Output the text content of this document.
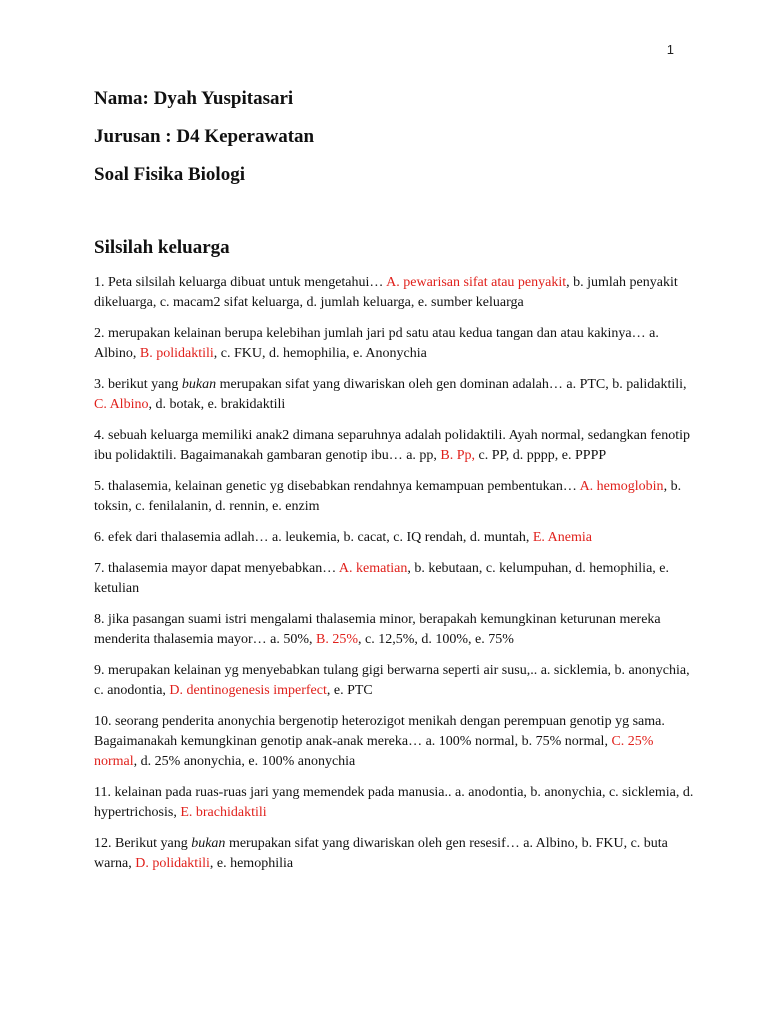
1
Nama: Dyah Yuspitasari
Jurusan : D4 Keperawatan
Soal Fisika Biologi
Silsilah keluarga

1. Peta silsilah keluarga dibuat untuk mengetahui… A. pewarisan sifat atau penyakit, b. jumlah penyakit dikeluarga, c. macam2 sifat keluarga, d. jumlah keluarga, e. sumber keluarga

2. merupakan kelainan berupa kelebihan jumlah jari pd satu atau kedua tangan dan atau kakinya… a. Albino, B. polidaktili, c. FKU, d. hemophilia, e. Anonychia

3. berikut yang bukan merupakan sifat yang diwariskan oleh gen dominan adalah… a. PTC, b. palidaktili, C. Albino, d. botak, e. brakidaktili

4. sebuah keluarga memiliki anak2 dimana separuhnya adalah polidaktili. Ayah normal, sedangkan fenotip ibu polidaktili. Bagaimanakah gambaran genotip ibu… a. pp, B. Pp, c. PP, d. pppp, e. PPPP

5. thalasemia, kelainan genetic yg disebabkan rendahnya kemampuan pembentukan… A. hemoglobin, b. toksin, c. fenilalanin, d. rennin, e. enzim

6. efek dari thalasemia adlah… a. leukemia, b. cacat, c. IQ rendah, d. muntah, E. Anemia

7. thalasemia mayor dapat menyebabkan… A. kematian, b. kebutaan, c. kelumpuhan, d. hemophilia, e. ketulian

8. jika pasangan suami istri mengalami thalasemia minor, berapakah kemungkinan keturunan mereka menderita thalasemia mayor… a. 50%, B. 25%, c. 12,5%, d. 100%, e. 75%

9. merupakan kelainan yg menyebabkan tulang gigi berwarna seperti air susu,.. a. sicklemia, b. anonychia, c. anodontia, D. dentinogenesis imperfect, e. PTC

10. seorang penderita anonychia bergenotip heterozigot menikah dengan perempuan genotip yg sama. Bagaimanakah kemungkinan genotip anak-anak mereka… a. 100% normal, b. 75% normal, C. 25% normal, d. 25% anonychia, e. 100% anonychia

11. kelainan pada ruas-ruas jari yang memendek pada manusia.. a. anodontia, b. anonychia, c. sicklemia, d. hypertrichosis, E. brachidaktili

12. Berikut yang bukan merupakan sifat yang diwariskan oleh gen resesif… a. Albino, b. FKU, c. buta warna, D. polidaktili, e. hemophilia
